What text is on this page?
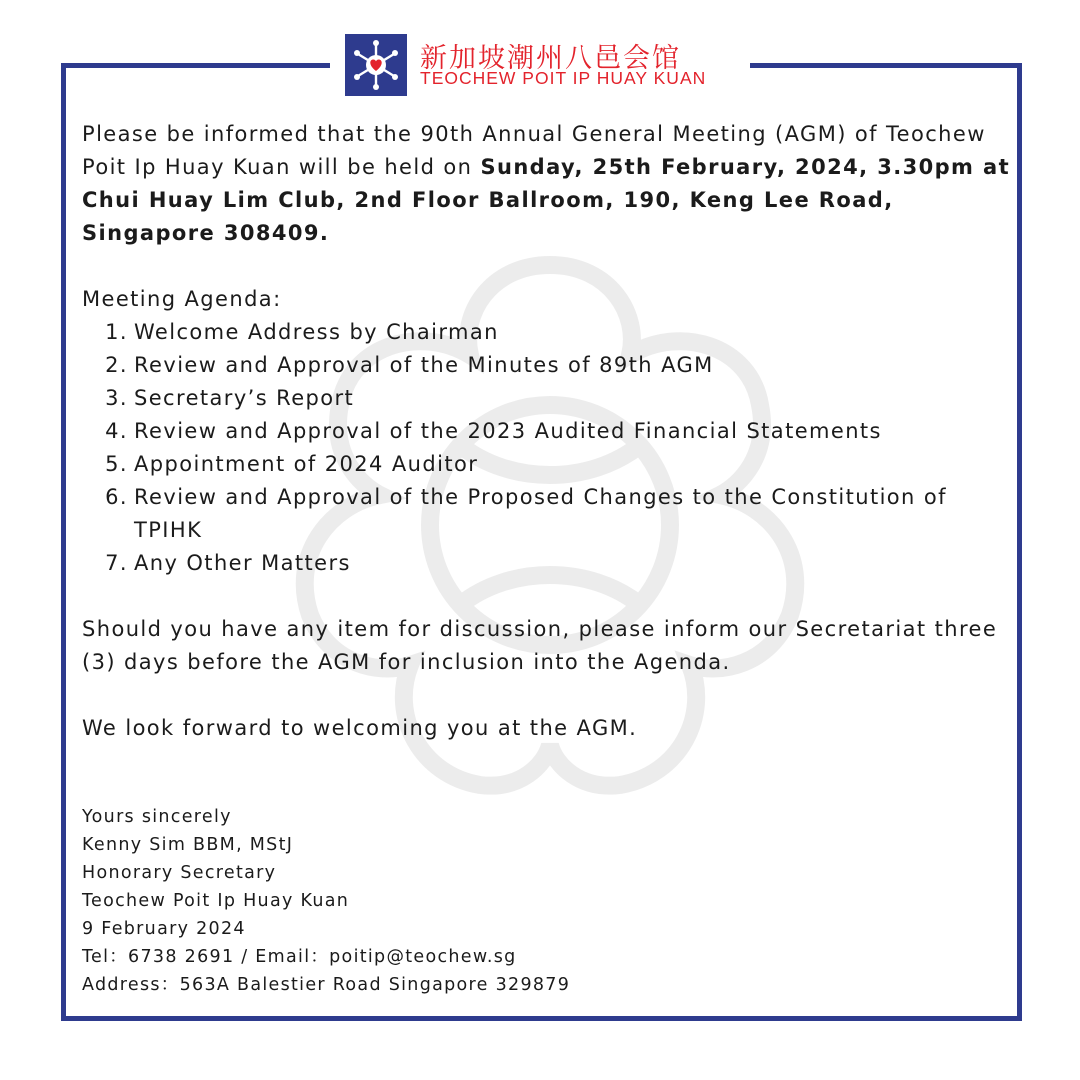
新加坡潮州八邑会馆
TEOCHEW POIT IP HUAY KUAN

Please be informed that the 90th Annual General Meeting (AGM) of Teochew Poit Ip Huay Kuan will be held on Sunday, 25th February, 2024, 3.30pm at Chui Huay Lim Club, 2nd Floor Ballroom, 190, Keng Lee Road, Singapore 308409.

Meeting Agenda:

1. Welcome Address by Chairman
2. Review and Approval of the Minutes of 89th AGM
3. Secretary’s Report
4. Review and Approval of the 2023 Audited Financial Statements
5. Appointment of 2024 Auditor
6. Review and Approval of the Proposed Changes to the Constitution of TPIHK
7. Any Other Matters

Should you have any item for discussion, please inform our Secretariat three (3) days before the AGM for inclusion into the Agenda.

We look forward to welcoming you at the AGM.

Yours sincerely
Kenny Sim BBM, MStJ
Honorary Secretary
Teochew Poit Ip Huay Kuan
9 February 2024
Tel：6738 2691 / Email：poitip@teochew.sg
Address：563A Balestier Road Singapore 329879
